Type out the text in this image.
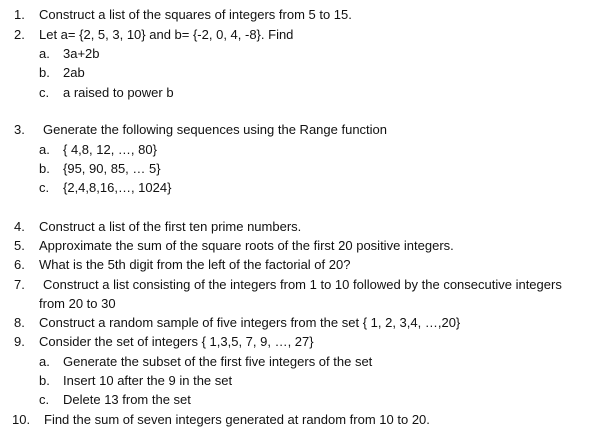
1. Construct a list of the squares of integers from 5 to 15.
2. Let a= {2, 5, 3, 10} and b= {-2, 0, 4, -8}. Find
a. 3a+2b
b. 2ab
c. a raised to power b
3. Generate the following sequences using the Range function
a. { 4,8, 12, …, 80}
b. {95, 90, 85, … 5}
c. {2,4,8,16,…, 1024}
4. Construct a list of the first ten prime numbers.
5. Approximate the sum of the square roots of the first 20 positive integers.
6. What is the 5th digit from the left of the factorial of 20?
7. Construct a list consisting of the integers from 1 to 10 followed by the consecutive integers
from 20 to 30
8. Construct a random sample of five integers from the set { 1, 2, 3,4, …,20}
9. Consider the set of integers { 1,3,5, 7, 9, …, 27}
a. Generate the subset of the first five integers of the set
b. Insert 10 after the 9 in the set
c. Delete 13 from the set
10. Find the sum of seven integers generated at random from 10 to 20.
